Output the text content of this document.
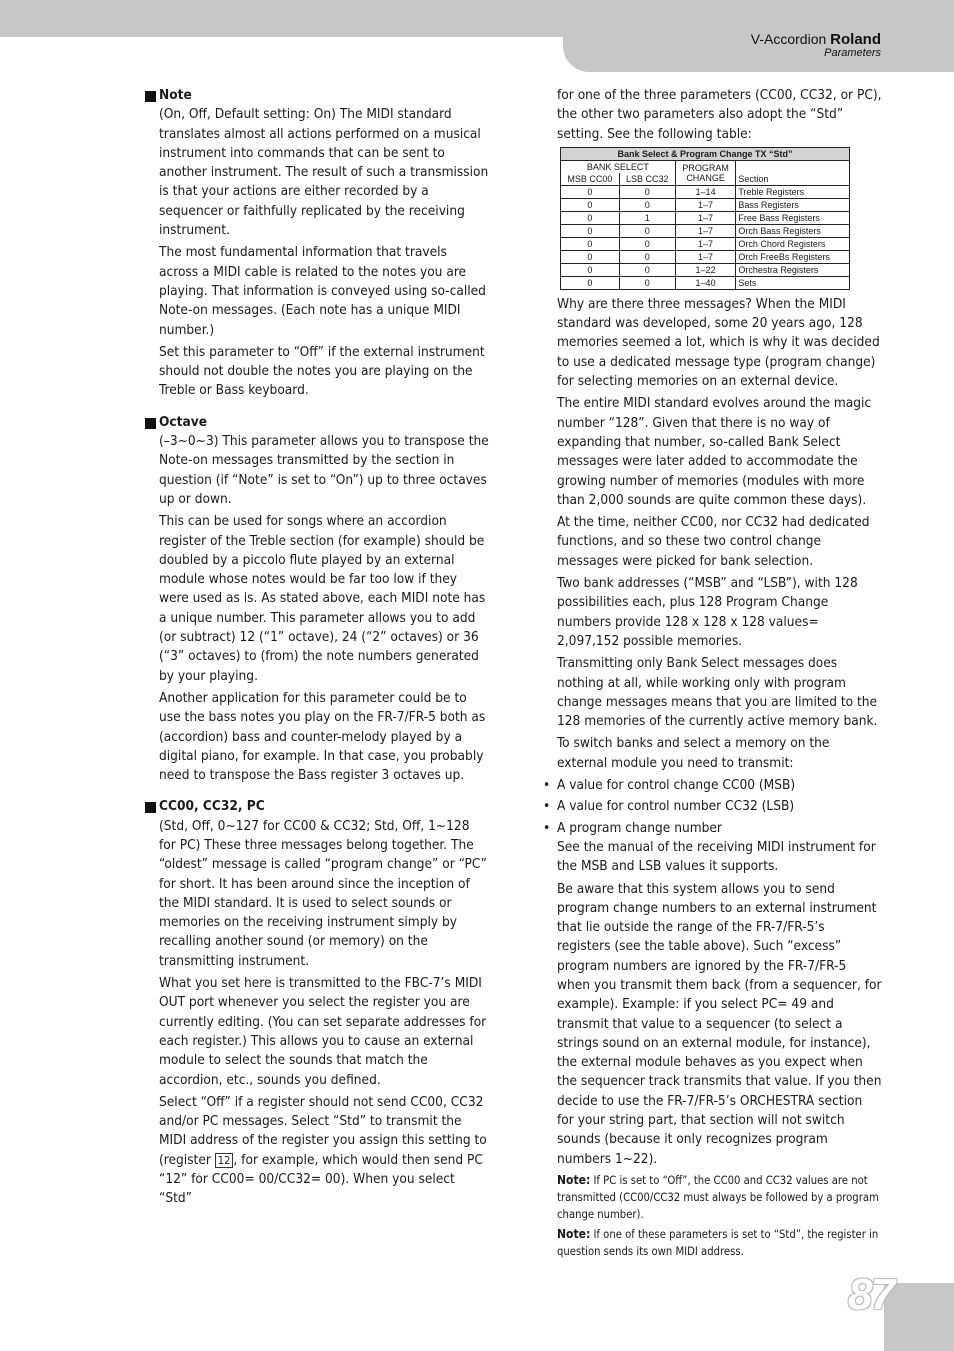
V-Accordion Roland
Parameters
87
Note

(On, Off, Default setting: On) The MIDI standard translates almost all actions performed on a musical instrument into commands that can be sent to another instrument. The result of such a transmission is that your actions are either recorded by a sequencer or faithfully replicated by the receiving instrument.

The most fundamental information that travels across a MIDI cable is related to the notes you are playing. That information is conveyed using so-called Note-on messages. (Each note has a unique MIDI number.)

Set this parameter to “Off” if the external instrument should not double the notes you are playing on the Treble or Bass keyboard.

Octave

(–3~0~3) This parameter allows you to transpose the Note-on messages transmitted by the section in question (if “Note” is set to “On”) up to three octaves up or down.

This can be used for songs where an accordion register of the Treble section (for example) should be doubled by a piccolo flute played by an external module whose notes would be far too low if they were used as is. As stated above, each MIDI note has a unique number. This parameter allows you to add (or subtract) 12 (“1” octave), 24 (“2” octaves) or 36 (“3” octaves) to (from) the note numbers generated by your playing.

Another application for this parameter could be to use the bass notes you play on the FR-7/FR-5 both as (accordion) bass and counter-melody played by a digital piano, for example. In that case, you probably need to transpose the Bass register 3 octaves up.

CC00, CC32, PC

(Std, Off, 0~127 for CC00 & CC32; Std, Off, 1~128 for PC) These three messages belong together. The “oldest” message is called “program change” or “PC” for short. It has been around since the inception of the MIDI standard. It is used to select sounds or memories on the receiving instrument simply by recalling another sound (or memory) on the transmitting instrument.

What you set here is transmitted to the FBC-7’s MIDI OUT port whenever you select the register you are currently editing. (You can set separate addresses for each register.) This allows you to cause an external module to select the sounds that match the accordion, etc., sounds you defined.

Select “Off” if a register should not send CC00, CC32 and/or PC messages. Select “Std” to transmit the MIDI address of the register you assign this setting to (register 12 , for example, which would then send PC “12” for CC00= 00/CC32= 00). When you select “Std”

for one of the three parameters (CC00, CC32, or PC), the other two parameters also adopt the “Std” setting. See the following table:

Bank Select & Program Change TX “Std”			
BANK SELECT		PROGRAM
CHANGE	Section
MSB CC00	LSB CC32		
0	0	1–14	Treble Registers
0	0	1–7	Bass Registers
0	1	1–7	Free Bass Registers
0	0	1–7	Orch Bass Registers
0	0	1–7	Orch Chord Registers
0	0	1–7	Orch FreeBs Registers
0	0	1–22	Orchestra Registers
0	0	1–40	Sets

Why are there three messages? When the MIDI standard was developed, some 20 years ago, 128 memories seemed a lot, which is why it was decided to use a dedicated message type (program change) for selecting memories on an external device.

The entire MIDI standard evolves around the magic number “128”. Given that there is no way of expanding that number, so-called Bank Select messages were later added to accommodate the growing number of memories (modules with more than 2,000 sounds are quite common these days).

At the time, neither CC00, nor CC32 had dedicated functions, and so these two control change messages were picked for bank selection.

Two bank addresses (“MSB” and “LSB”), with 128 possibilities each, plus 128 Program Change numbers provide 128 x 128 x 128 values= 2,097,152 possible memories.

Transmitting only Bank Select messages does nothing at all, while working only with program change messages means that you are limited to the 128 memories of the currently active memory bank.

To switch banks and select a memory on the external module you need to transmit:

• A value for control change CC00 (MSB)

• A value for control number CC32 (LSB)

• A program change number

See the manual of the receiving MIDI instrument for the MSB and LSB values it supports.

Be aware that this system allows you to send program change numbers to an external instrument that lie outside the range of the FR-7/FR-5’s registers (see the table above). Such “excess” program numbers are ignored by the FR-7/FR-5 when you transmit them back (from a sequencer, for example). Example: if you select PC= 49 and transmit that value to a sequencer (to select a strings sound on an external module, for instance), the external module behaves as you expect when the sequencer track transmits that value. If you then decide to use the FR-7/FR-5’s ORCHESTRA section for your string part, that section will not switch sounds (because it only recognizes program numbers 1~22).

Note: If PC is set to “Off”, the CC00 and CC32 values are not transmitted (CC00/CC32 must always be followed by a program change number).

Note: If one of these parameters is set to “Std”, the register in question sends its own MIDI address.
